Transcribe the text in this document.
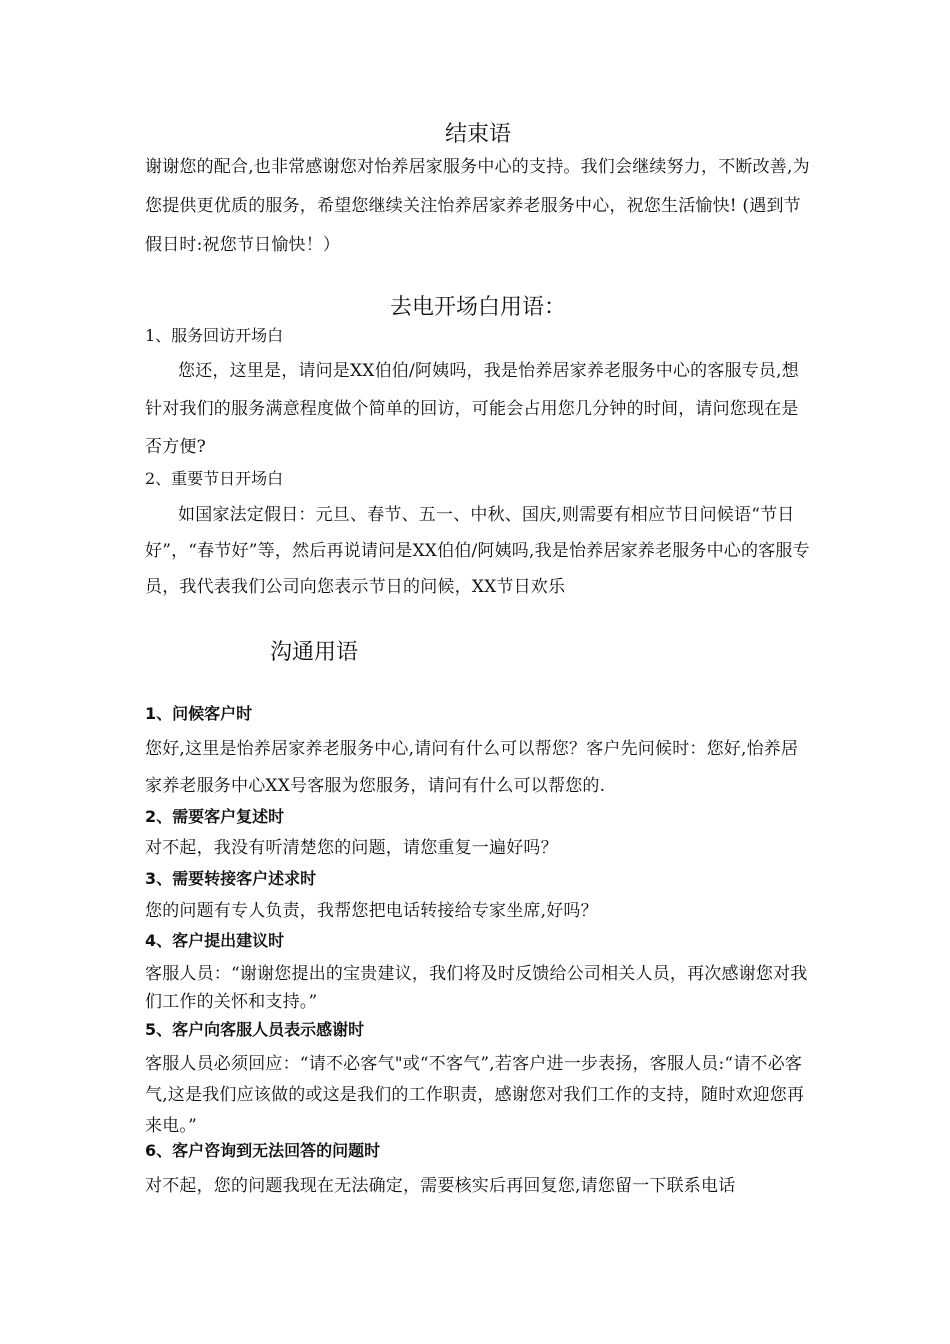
结束语

谢谢您的配合,也非常感谢您对怡养居家服务中心的支持。我们会继续努力，不断改善,为您提供更优质的服务，希望您继续关注怡养居家养老服务中心，祝您生活愉快! (遇到节假日时:祝您节日愉快！）

去电开场白用语：

1、服务回访开场白

您还，这里是，请问是XX伯伯/阿姨吗，我是怡养居家养老服务中心的客服专员,想针对我们的服务满意程度做个简单的回访，可能会占用您几分钟的时间，请问您现在是否方便?

2、重要节日开场白

如国家法定假日：元旦、春节、五一、中秋、国庆,则需要有相应节日问候语“节日好”，“春节好”等，然后再说请问是XX伯伯/阿姨吗,我是怡养居家养老服务中心的客服专员，我代表我们公司向您表示节日的问候，XX节日欢乐

沟通用语

1、问候客户时

您好,这里是怡养居家养老服务中心,请问有什么可以帮您？客户先问候时：您好,怡养居家养老服务中心XX号客服为您服务，请问有什么可以帮您的.

2、需要客户复述时

对不起，我没有听清楚您的问题，请您重复一遍好吗？

3、需要转接客户述求时

您的问题有专人负责，我帮您把电话转接给专家坐席,好吗？

4、客户提出建议时

客服人员：“谢谢您提出的宝贵建议，我们将及时反馈给公司相关人员，再次感谢您对我们工作的关怀和支持。”

5、客户向客服人员表示感谢时

客服人员必须回应：“请不必客气"或“不客气”,若客户进一步表扬，客服人员:“请不必客气,这是我们应该做的或这是我们的工作职责，感谢您对我们工作的支持，随时欢迎您再来电。”

6、客户咨询到无法回答的问题时

对不起，您的问题我现在无法确定，需要核实后再回复您,请您留一下联系电话
